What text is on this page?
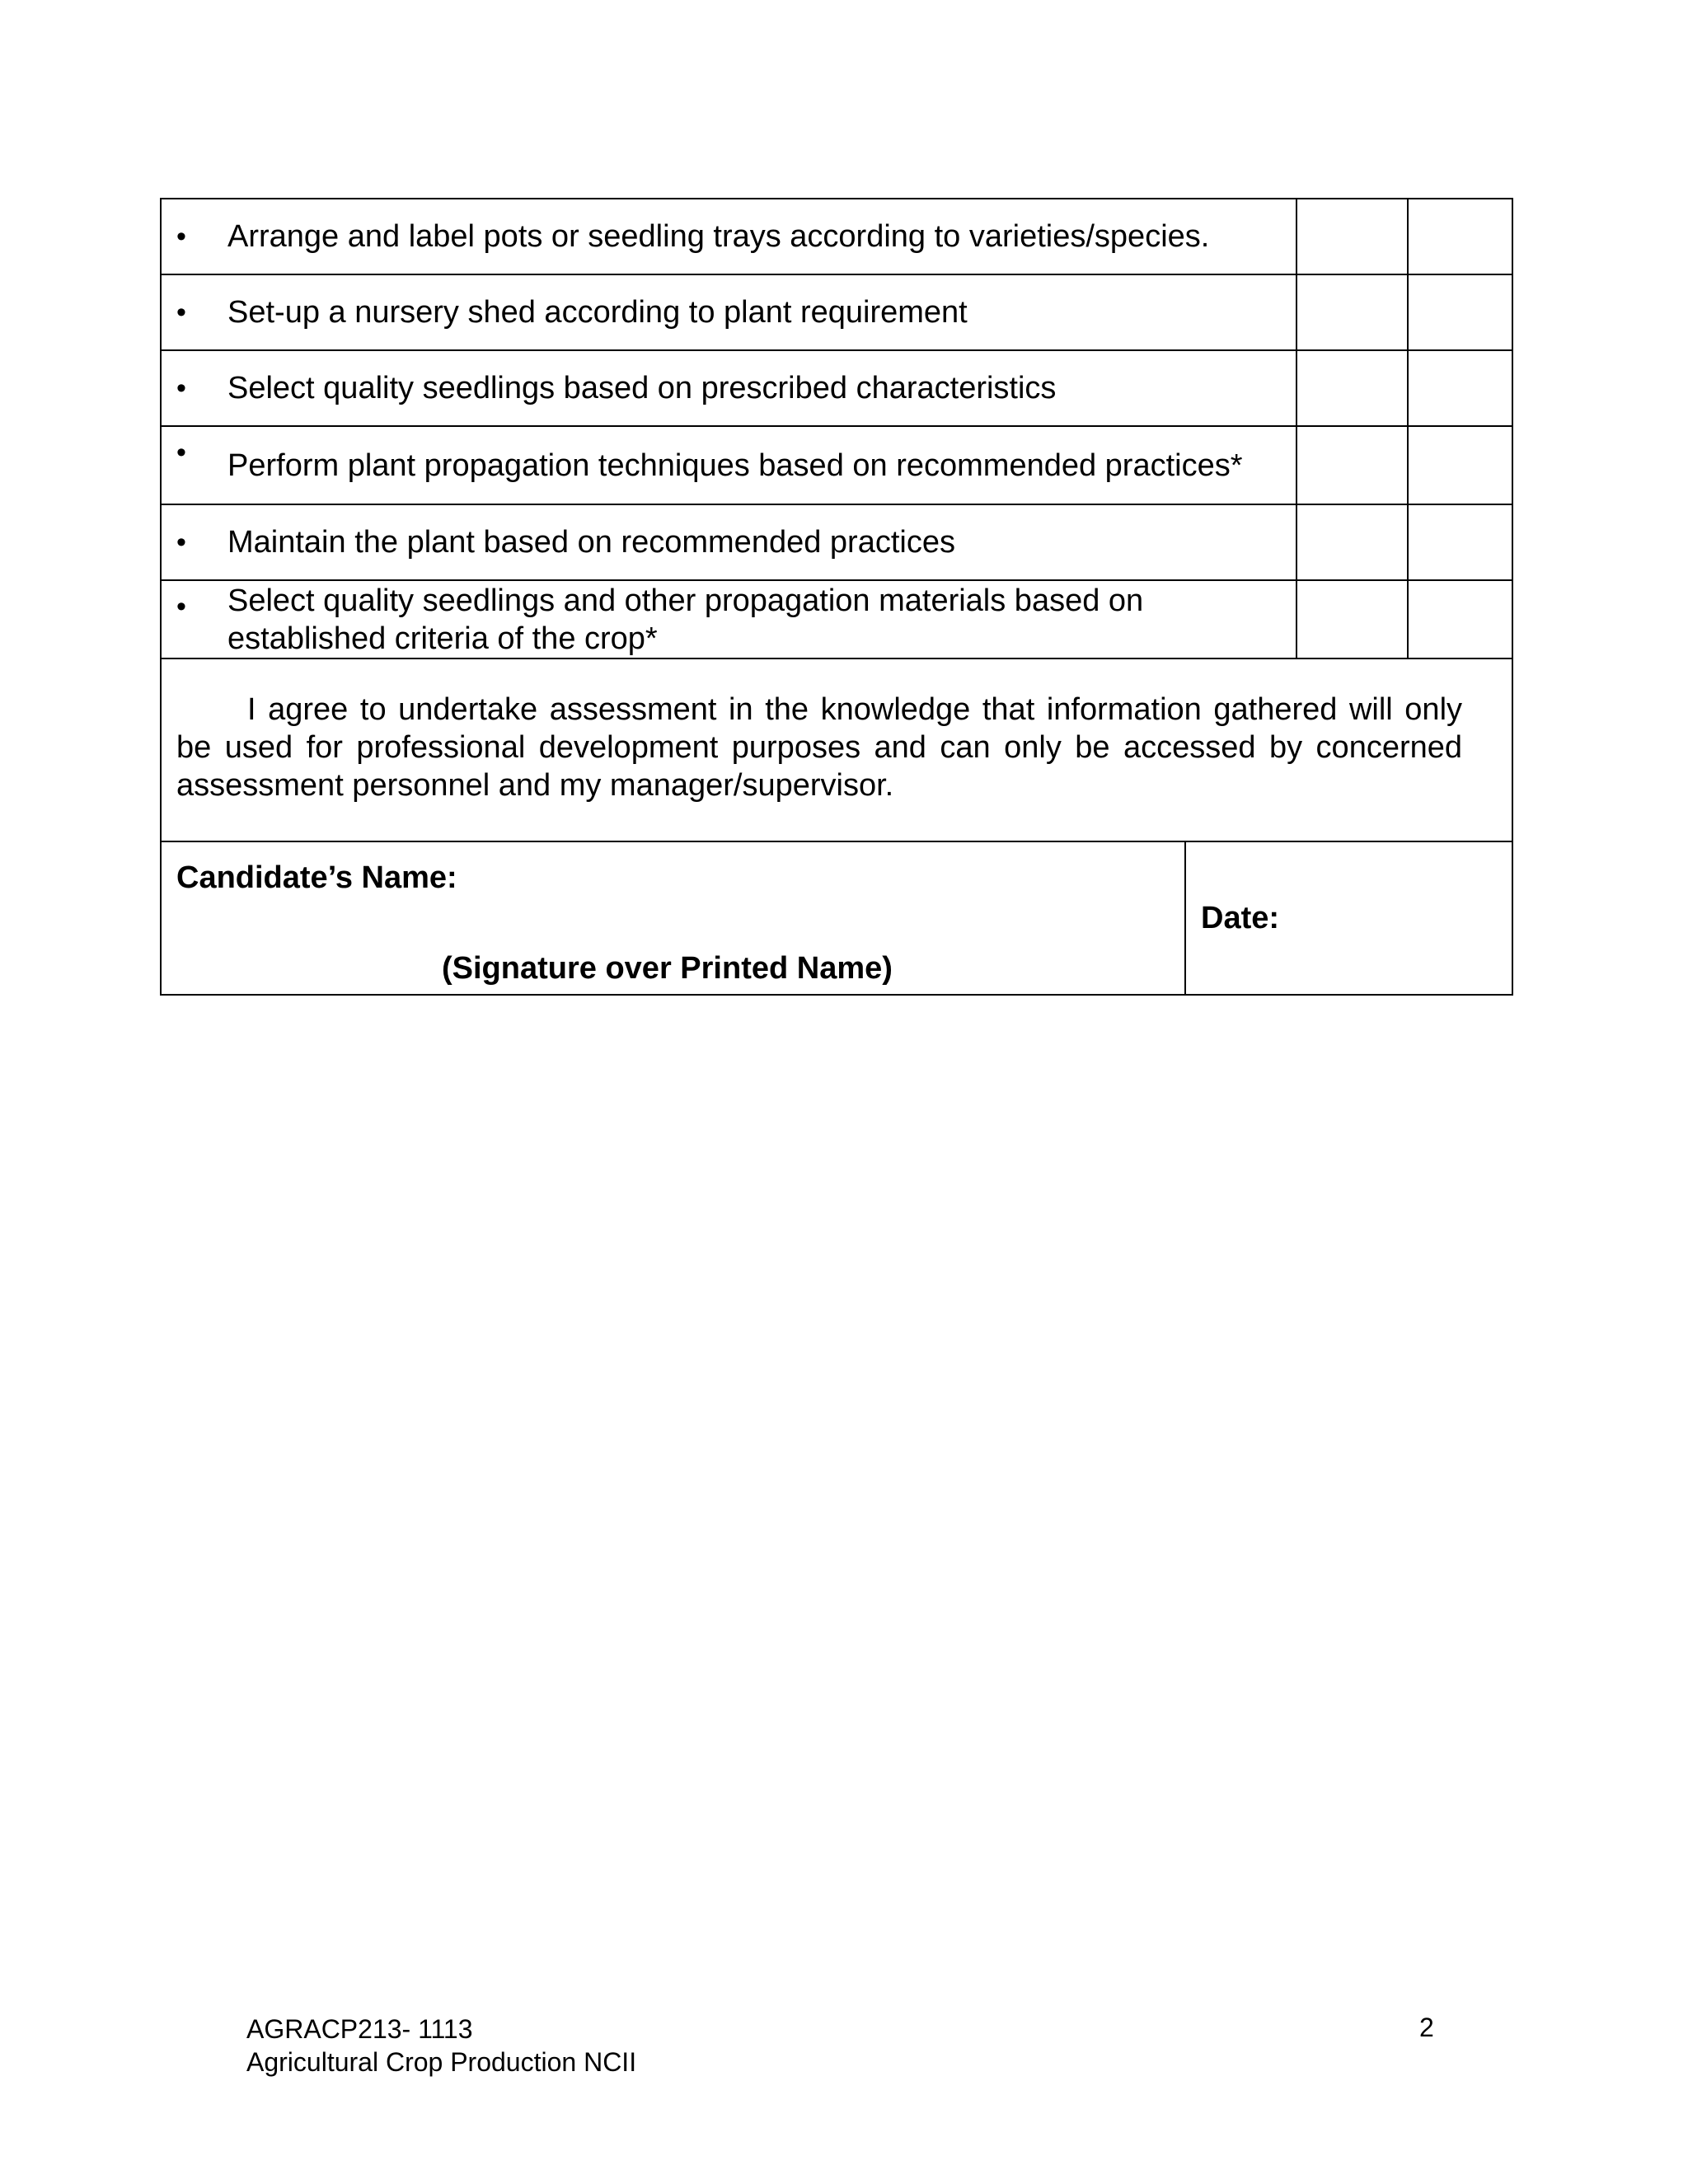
• Arrange and label pots or seedling trays according to varieties/species.			

• Set-up a nursery shed according to plant requirement			

• Select quality seedlings based on prescribed characteristics			

• Perform plant propagation techniques based on recommended practices*			

• Maintain the plant based on recommended practices			

• Select quality seedlings and other propagation materials based on established criteria of the crop*			
I agree to undertake assessment in the knowledge that information gathered will only be used for professional development purposes and can only be accessed by concerned assessment personnel and my manager/supervisor.			

Candidate’s Name:
(Signature over Printed Name)	Date:		
AGRACP213- 1113
Agricultural Crop Production NCII
2
